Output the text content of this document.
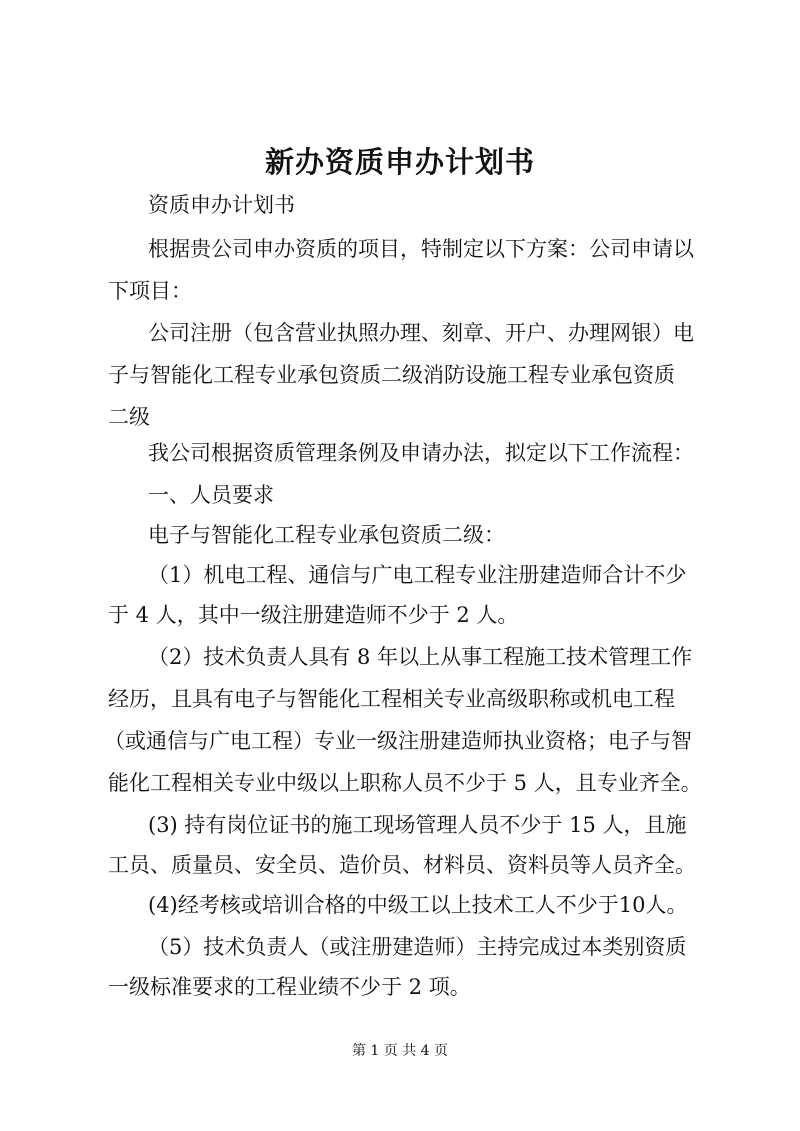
新办资质申办计划书
资质申办计划书
根据贵公司申办资质的项目，特制定以下方案：公司申请以
下项目：
公司注册（包含营业执照办理、刻章、开户、办理网银）电
子与智能化工程专业承包资质二级消防设施工程专业承包资质
二级
我公司根据资质管理条例及申请办法，拟定以下工作流程：
一、人员要求
电子与智能化工程专业承包资质二级：
（1）机电工程、通信与广电工程专业注册建造师合计不少
于 4 人，其中一级注册建造师不少于 2 人。
（2）技术负责人具有 8 年以上从事工程施工技术管理工作
经历，且具有电子与智能化工程相关专业高级职称或机电工程
（或通信与广电工程）专业一级注册建造师执业资格；电子与智
能化工程相关专业中级以上职称人员不少于 5 人，且专业齐全。
(3) 持有岗位证书的施工现场管理人员不少于 15 人，且施
工员、质量员、安全员、造价员、材料员、资料员等人员齐全。
(4)经考核或培训合格的中级工以上技术工人不少于10人。
（5）技术负责人（或注册建造师）主持完成过本类别资质
一级标准要求的工程业绩不少于 2 项。
第 1 页 共 4 页
